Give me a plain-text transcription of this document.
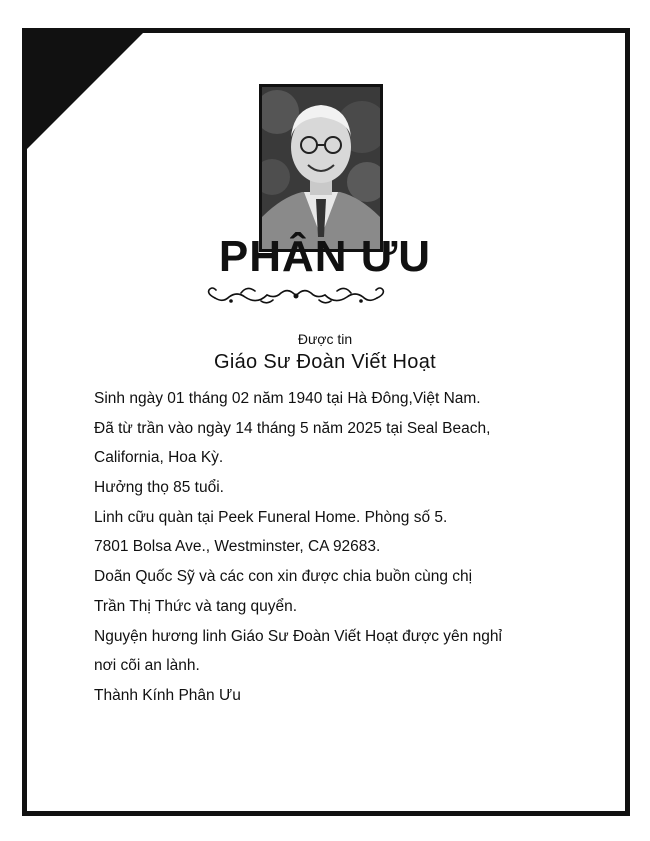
PHÂN ƯU
Được tin
Giáo Sư Đoàn Viết Hoạt
Sinh ngày 01 tháng 02 năm 1940 tại Hà Đông,Việt Nam.
Đã từ trần vào ngày 14 tháng 5 năm 2025 tại Seal Beach,
California, Hoa Kỳ.
Hưởng thọ 85 tuổi.
Linh cữu quàn tại Peek Funeral Home. Phòng số 5.
7801 Bolsa Ave., Westminster, CA 92683.
Doãn Quốc Sỹ và các con xin được chia buồn cùng chị
Trần Thị Thức và tang quyển.
Nguyện hương linh Giáo Sư Đoàn Viết Hoạt được yên nghỉ
nơi cõi an lành.
Thành Kính Phân Ưu
